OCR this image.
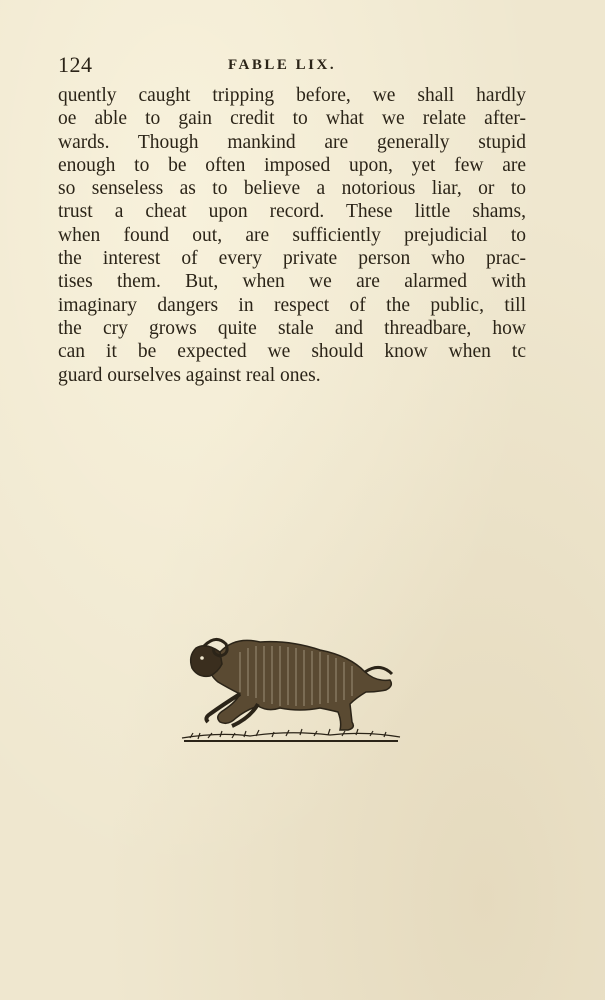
124	FABLE LIX.
quently caught tripping before, we shall hardly
oe able to gain credit to what we relate after-
wards. Though mankind are generally stupid
enough to be often imposed upon, yet few are
so senseless as to believe a notorious liar, or to
trust a cheat upon record. These little shams,
when found out, are sufficiently prejudicial to
the interest of every private person who prac-
tises them. But, when we are alarmed with
imaginary dangers in respect of the public, till
the cry grows quite stale and threadbare, how
can it be expected we should know when tc
guard ourselves against real ones.
